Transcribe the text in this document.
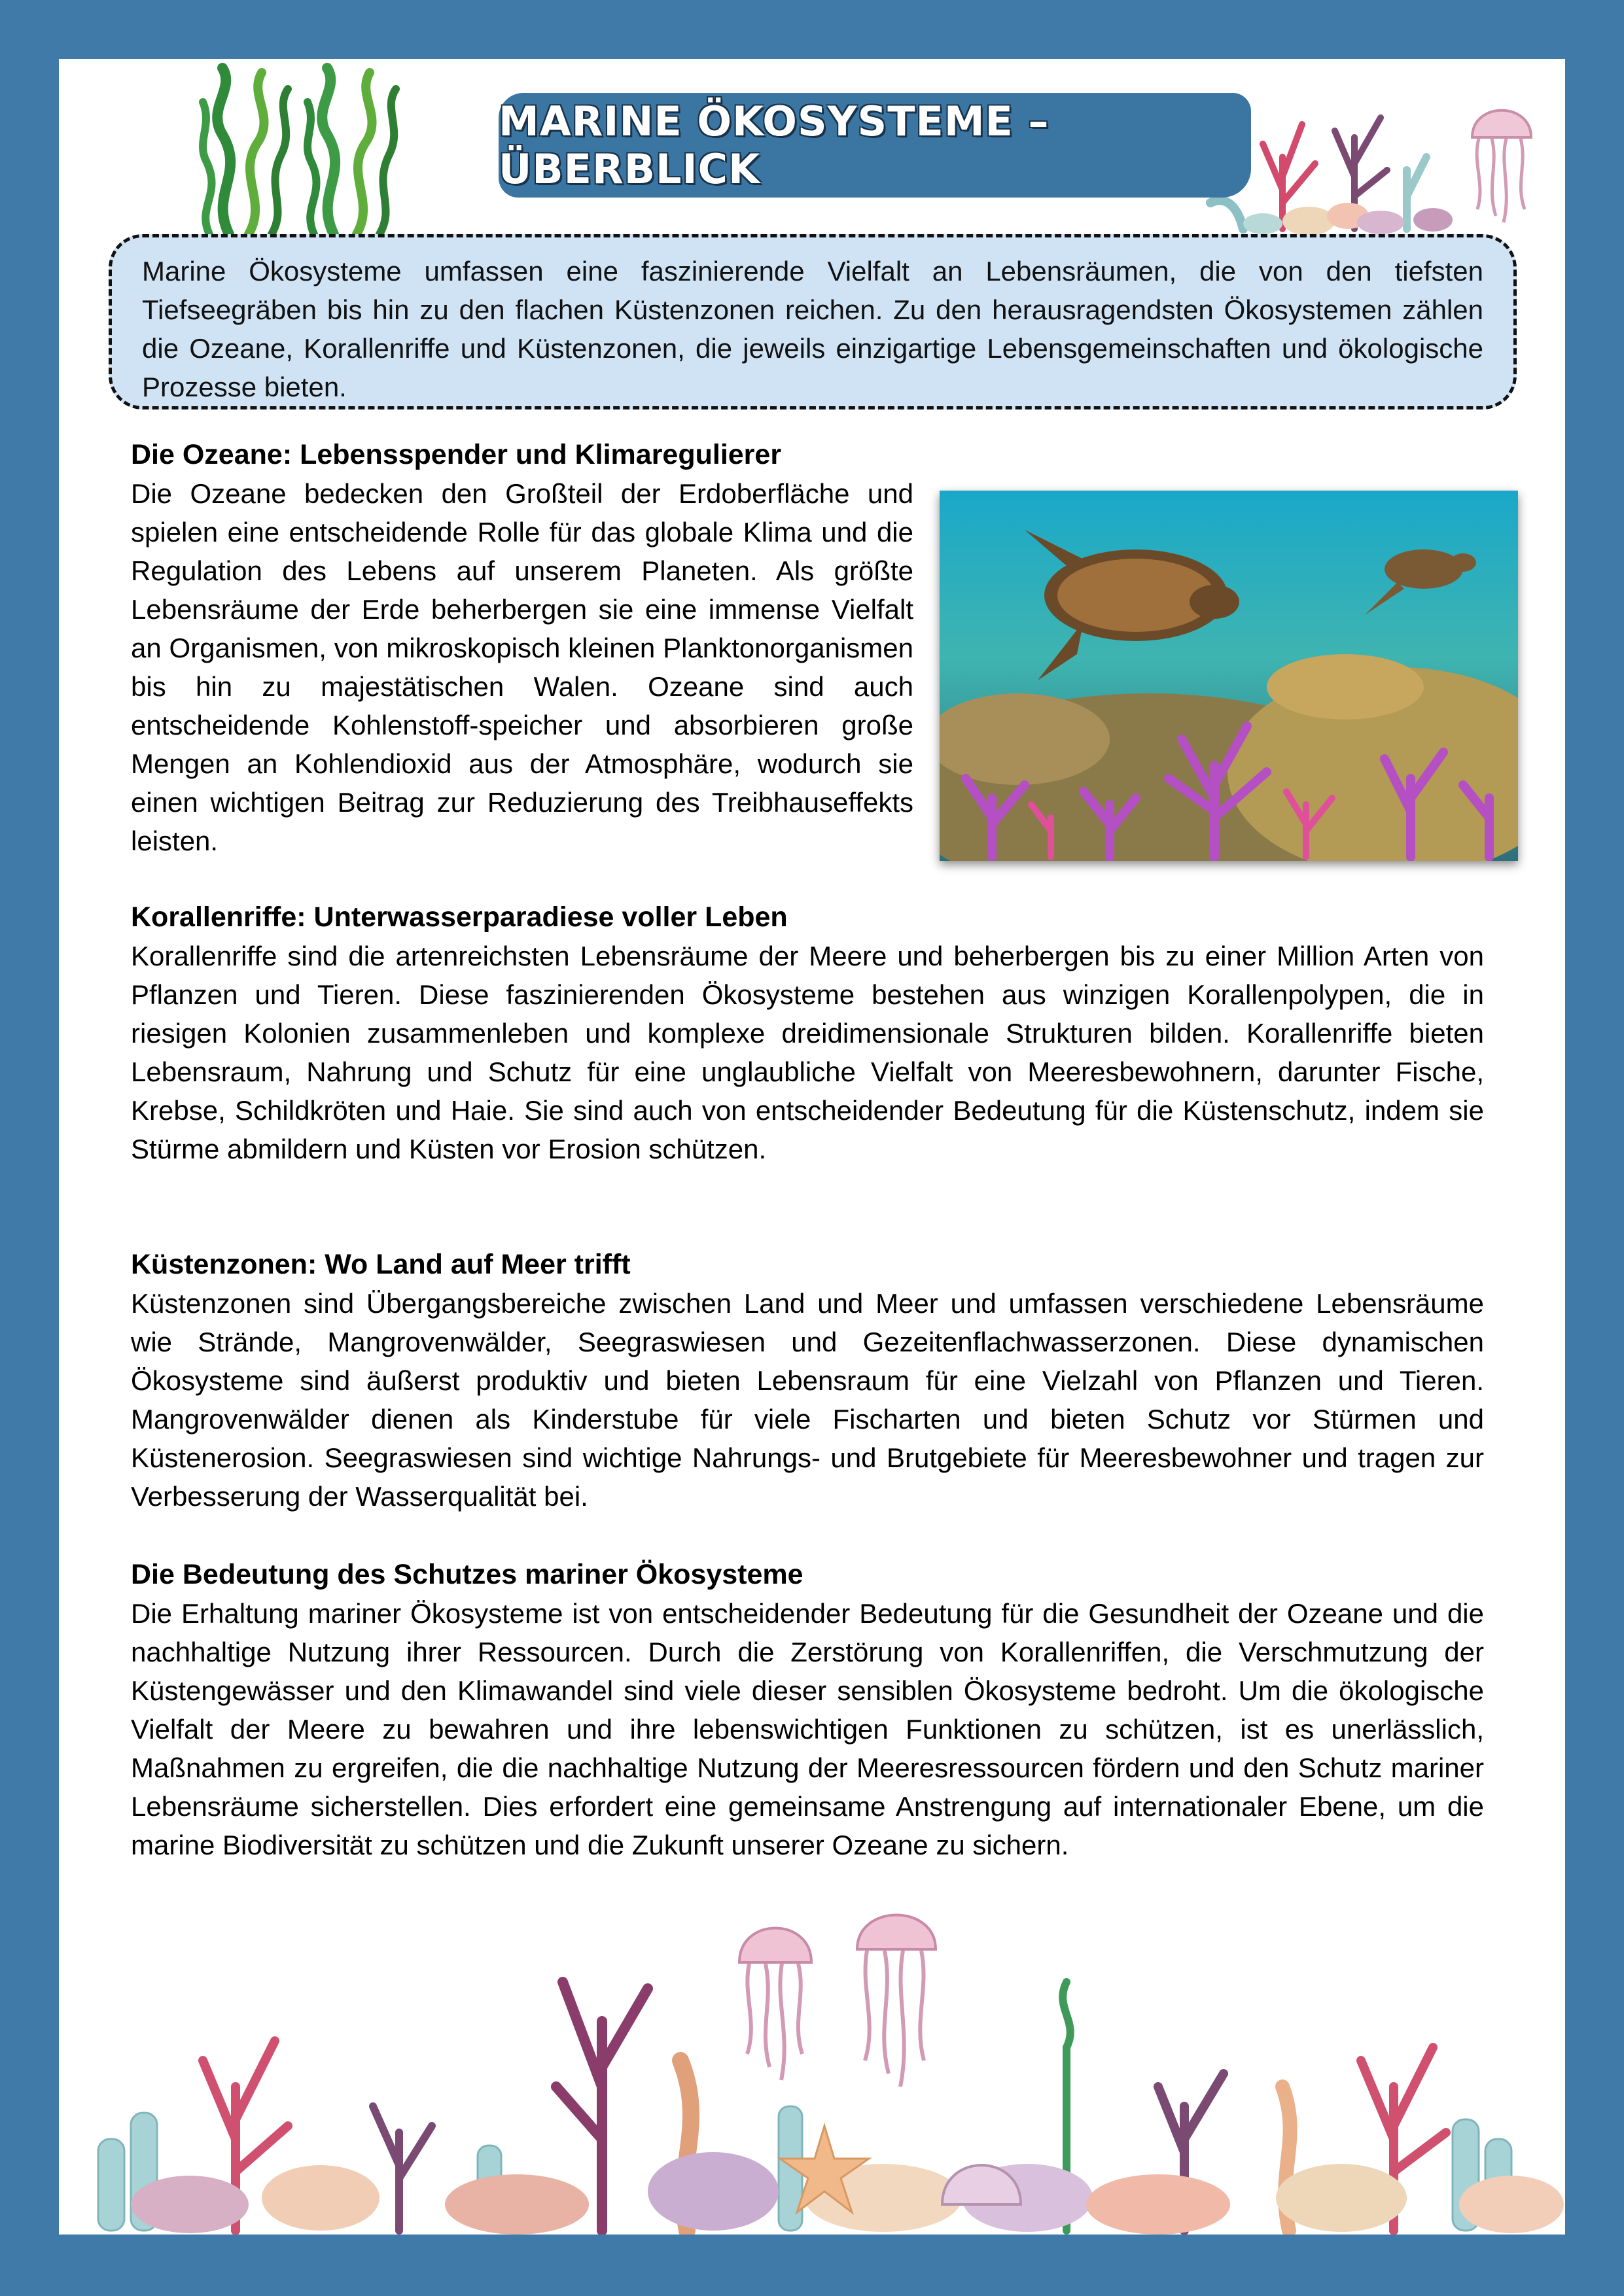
MARINE ÖKOSYSTEME – ÜBERBLICK

Marine Ökosysteme umfassen eine faszinierende Vielfalt an Lebensräumen, die von den tiefsten Tiefseegräben bis hin zu den flachen Küstenzonen reichen. Zu den herausragendsten Ökosystemen zählen die Ozeane, Korallenriffe und Küstenzonen, die jeweils einzigartige Lebensgemeinschaften und ökologische Prozesse bieten.

Die Ozeane: Lebensspender und Klimaregulierer

Die Ozeane bedecken den Großteil der Erdoberfläche und spielen eine entscheidende Rolle für das globale Klima und die Regulation des Lebens auf unserem Planeten. Als größte Lebensräume der Erde beherbergen sie eine immense Vielfalt an Organismen, von mikroskopisch kleinen Planktonorganismen bis hin zu majestätischen Walen. Ozeane sind auch entscheidende Kohlenstoff-speicher und absorbieren große Mengen an Kohlendioxid aus der Atmosphäre, wodurch sie einen wichtigen Beitrag zur Reduzierung des Treibhauseffekts leisten.

Korallenriffe: Unterwasserparadiese voller Leben

Korallenriffe sind die artenreichsten Lebensräume der Meere und beherbergen bis zu einer Million Arten von Pflanzen und Tieren. Diese faszinierenden Ökosysteme bestehen aus winzigen Korallenpolypen, die in riesigen Kolonien zusammenleben und komplexe dreidimensionale Strukturen bilden. Korallenriffe bieten Lebensraum, Nahrung und Schutz für eine unglaubliche Vielfalt von Meeresbewohnern, darunter Fische, Krebse, Schildkröten und Haie. Sie sind auch von entscheidender Bedeutung für die Küstenschutz, indem sie Stürme abmildern und Küsten vor Erosion schützen.

Küstenzonen: Wo Land auf Meer trifft

Küstenzonen sind Übergangsbereiche zwischen Land und Meer und umfassen verschiedene Lebensräume wie Strände, Mangrovenwälder, Seegraswiesen und Gezeitenflachwasserzonen. Diese dynamischen Ökosysteme sind äußerst produktiv und bieten Lebensraum für eine Vielzahl von Pflanzen und Tieren. Mangrovenwälder dienen als Kinderstube für viele Fischarten und bieten Schutz vor Stürmen und Küstenerosion. Seegraswiesen sind wichtige Nahrungs- und Brutgebiete für Meeresbewohner und tragen zur Verbesserung der Wasserqualität bei.

Die Bedeutung des Schutzes mariner Ökosysteme

Die Erhaltung mariner Ökosysteme ist von entscheidender Bedeutung für die Gesundheit der Ozeane und die nachhaltige Nutzung ihrer Ressourcen. Durch die Zerstörung von Korallenriffen, die Verschmutzung der Küstengewässer und den Klimawandel sind viele dieser sensiblen Ökosysteme bedroht. Um die ökologische Vielfalt der Meere zu bewahren und ihre lebenswichtigen Funktionen zu schützen, ist es unerlässlich, Maßnahmen zu ergreifen, die die nachhaltige Nutzung der Meeresressourcen fördern und den Schutz mariner Lebensräume sicherstellen. Dies erfordert eine gemeinsame Anstrengung auf internationaler Ebene, um die marine Biodiversität zu schützen und die Zukunft unserer Ozeane zu sichern.
